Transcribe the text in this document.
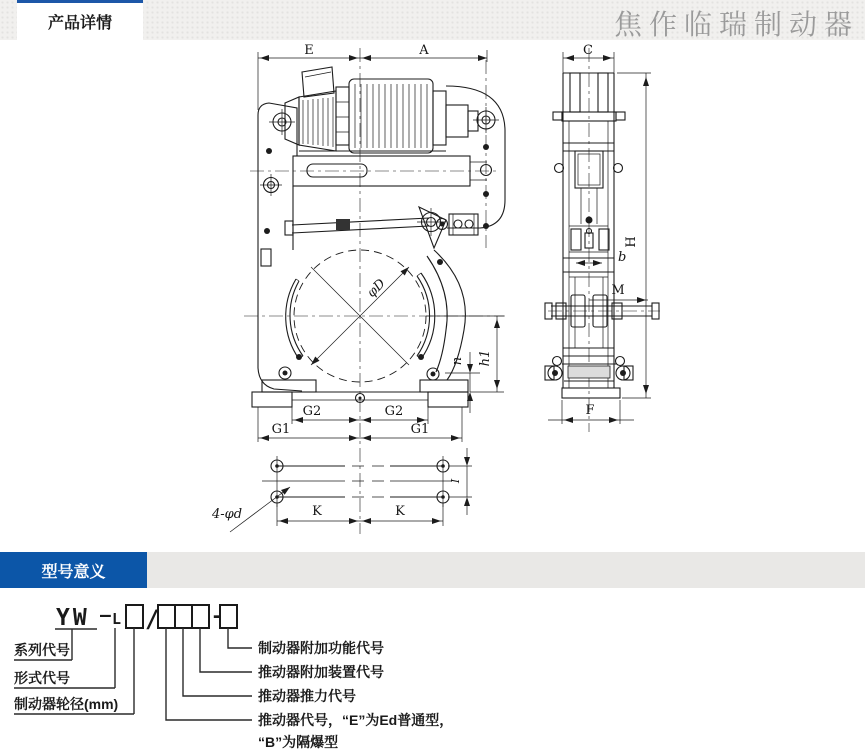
产品详情	焦作临瑞制动器
E	A
φD
G2	G2
G1	G1
h1
n
K	K
I
4-φd
b
M
C
H
F
型号意义
YW – L /	-
系列代号
形式代号
制动器轮径(mm)
制动器附加功能代号
推动器附加装置代号
推动器推力代号
推动器代号，“E”为Ed普通型，
“B”为隔爆型
